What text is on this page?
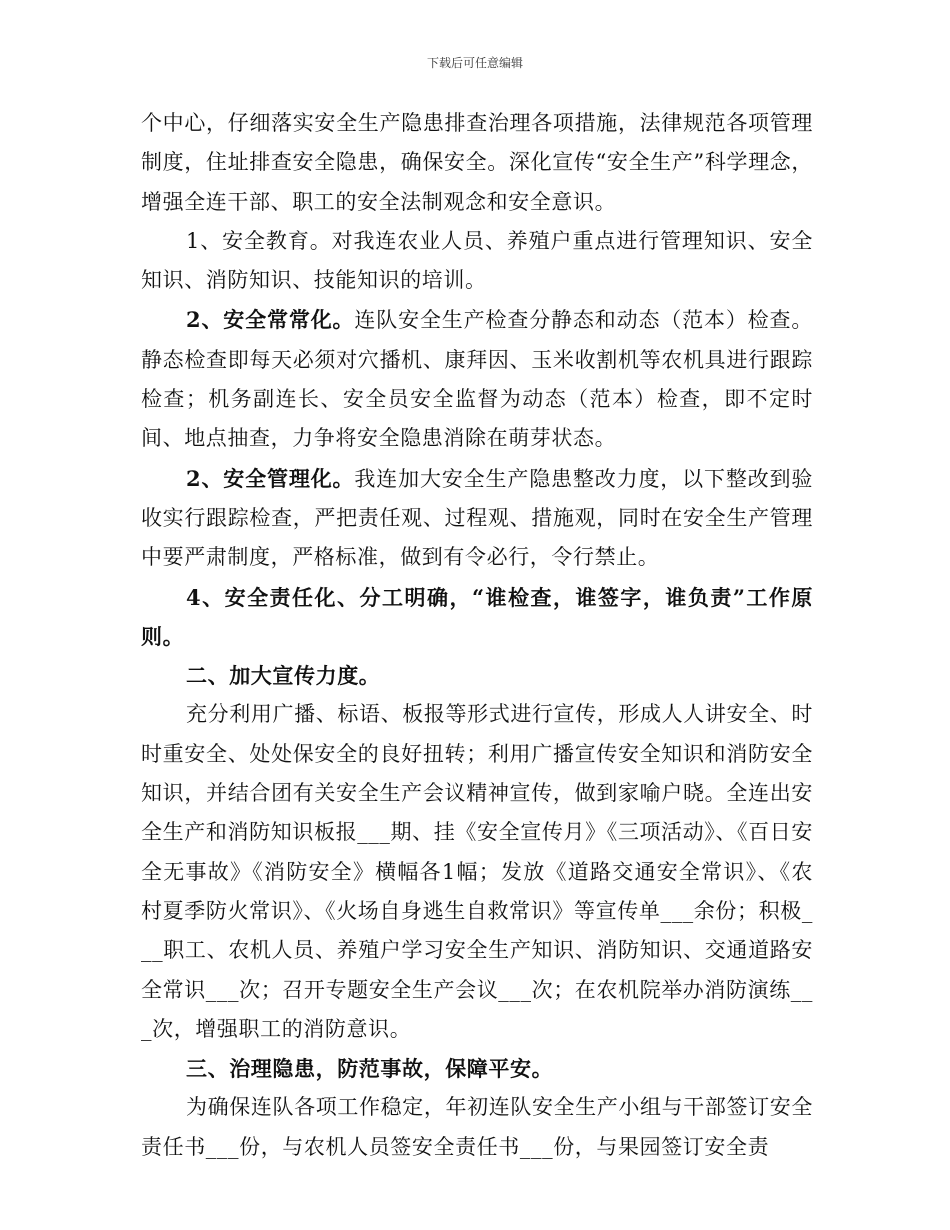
下载后可任意编辑

个中心，仔细落实安全生产隐患排查治理各项措施，法律规范各项管理制度，住址排查安全隐患，确保安全。深化宣传“安全生产”科学理念，增强全连干部、职工的安全法制观念和安全意识。

1、安全教育。对我连农业人员、养殖户重点进行管理知识、安全知识、消防知识、技能知识的培训。

2、安全常常化。连队安全生产检查分静态和动态（范本）检查。静态检查即每天必须对穴播机、康拜因、玉米收割机等农机具进行跟踪检查；机务副连长、安全员安全监督为动态（范本）检查，即不定时间、地点抽查，力争将安全隐患消除在萌芽状态。

2、安全管理化。我连加大安全生产隐患整改力度，以下整改到验收实行跟踪检查，严把责任观、过程观、措施观，同时在安全生产管理中要严肃制度，严格标准，做到有令必行，令行禁止。

4、安全责任化、分工明确，“谁检查，谁签字，谁负责”工作原则。

二、加大宣传力度。

充分利用广播、标语、板报等形式进行宣传，形成人人讲安全、时时重安全、处处保安全的良好扭转；利用广播宣传安全知识和消防安全知识，并结合团有关安全生产会议精神宣传，做到家喻户晓。全连出安全生产和消防知识板报___期、挂《安全宣传月》《三项活动》、《百日安全无事故》《消防安全》横幅各1幅；发放《道路交通安全常识》、《农村夏季防火常识》、《火场自身逃生自救常识》等宣传单___余份；积极___职工、农机人员、养殖户学习安全生产知识、消防知识、交通道路安全常识___次；召开专题安全生产会议___次；在农机院举办消防演练___次，增强职工的消防意识。

三、治理隐患，防范事故，保障平安。

为确保连队各项工作稳定，年初连队安全生产小组与干部签订安全责任书___份，与农机人员签安全责任书___份，与果园签订安全责
